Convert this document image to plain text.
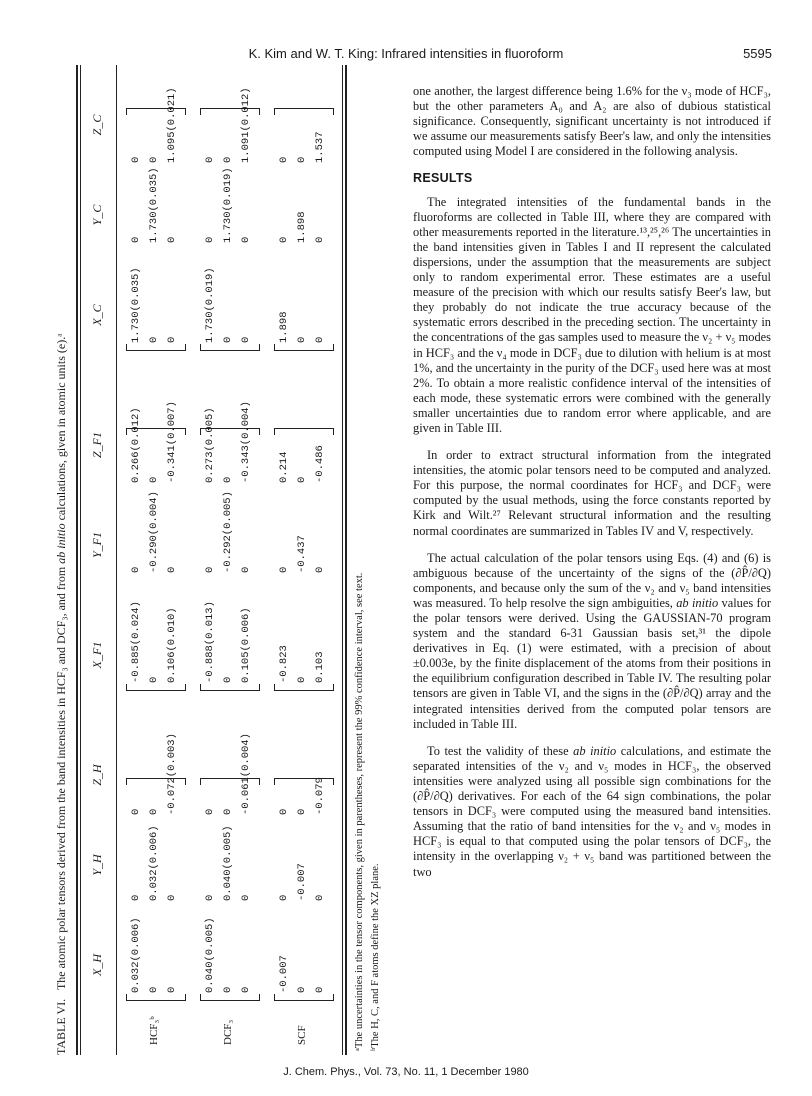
K. Kim and W. T. King: Infrared intensities in fluoroform	5595
TABLE VI. The atomic polar tensors derived from the band intensities in HCF₃ and DCF₃, and from ab initio calculations, given in atomic units (e).ᵃ
X_H
Y_H
Z_H
X_F1
Y_F1
Z_F1
X_C
Y_C
Z_C
HCF₃ᵇ
0.032(0.006)
0
0
0
0.032(0.006)
0
0
0
-0.072(0.003)
-0.885(0.024)
0
0.266(0.012)
0
-0.290(0.004)
0
0.106(0.010)
0
-0.341(0.007)
1.730(0.035)
0
0
0
1.730(0.035)
0
0
0
1.095(0.021)
DCF₃
0.040(0.005)
0
0
0
0.040(0.005)
0
0
0
-0.061(0.004)
-0.888(0.013)
0
0.273(0.005)
0
-0.292(0.005)
0
0.105(0.006)
0
-0.343(0.004)
1.730(0.019)
0
0
0
1.730(0.019)
0
0
0
1.091(0.012)
SCF
-0.007
0
0
0
-0.007
0
0
0
-0.079
-0.823
0
0.214
0
-0.437
0
0.103
0
-0.486
1.898
0
0
0
1.898
0
0
0
1.537
ᵃThe uncertainties in the tensor components, given in parentheses, represent the 99% confidence interval, see text. ᵇThe H, C, and F atoms define the XZ plane.

one another, the largest difference being 1.6% for the ν₃ mode of HCF₃, but the other parameters A₀ and A₂ are also of dubious statistical significance. Consequently, significant uncertainty is not introduced if we assume our measurements satisfy Beer's law, and only the intensities computed using Model I are considered in the following analysis.

RESULTS

The integrated intensities of the fundamental bands in the fluoroforms are collected in Table III, where they are compared with other measurements reported in the literature.¹³,²⁵,²⁶ The uncertainties in the band intensities given in Tables I and II represent the calculated dispersions, under the assumption that the measurements are subject only to random experimental error. These estimates are a useful measure of the precision with which our results satisfy Beer's law, but they probably do not indicate the true accuracy because of the systematic errors described in the preceding section. The uncertainty in the concentrations of the gas samples used to measure the ν₂ + ν₅ modes in HCF₃ and the ν₄ mode in DCF₃ due to dilution with helium is at most 1%, and the uncertainty in the purity of the DCF₃ used here was at most 2%. To obtain a more realistic confidence interval of the intensities of each mode, these systematic errors were combined with the generally smaller uncertainties due to random error where applicable, and are given in Table III.

In order to extract structural information from the integrated intensities, the atomic polar tensors need to be computed and analyzed. For this purpose, the normal coordinates for HCF₃ and DCF₃ were computed by the usual methods, using the force constants reported by Kirk and Wilt.²⁷ Relevant structural information and the resulting normal coordinates are summarized in Tables IV and V, respectively.

The actual calculation of the polar tensors using Eqs. (4) and (6) is ambiguous because of the uncertainty of the signs of the (∂P̂/∂Q) components, and because only the sum of the ν₂ and ν₅ band intensities was measured. To help resolve the sign ambiguities, ab initio values for the polar tensors were derived. Using the GAUSSIAN-70 program system and the standard 6-31 Gaussian basis set,³¹ the dipole derivatives in Eq. (1) were estimated, with a precision of about ±0.003e, by the finite displacement of the atoms from their positions in the equilibrium configuration described in Table IV. The resulting polar tensors are given in Table VI, and the signs in the (∂P̂/∂Q) array and the integrated intensities derived from the computed polar tensors are included in Table III.

To test the validity of these ab initio calculations, and estimate the separated intensities of the ν₂ and ν₅ modes in HCF₃, the observed intensities were analyzed using all possible sign combinations for the (∂P̂/∂Q) derivatives. For each of the 64 sign combinations, the polar tensors in DCF₃ were computed using the measured band intensities. Assuming that the ratio of band intensities for the ν₂ and ν₅ modes in HCF₃ is equal to that computed using the polar tensors of DCF₃, the intensity in the overlapping ν₂ + ν₅ band was partitioned between the two

J. Chem. Phys., Vol. 73, No. 11, 1 December 1980
